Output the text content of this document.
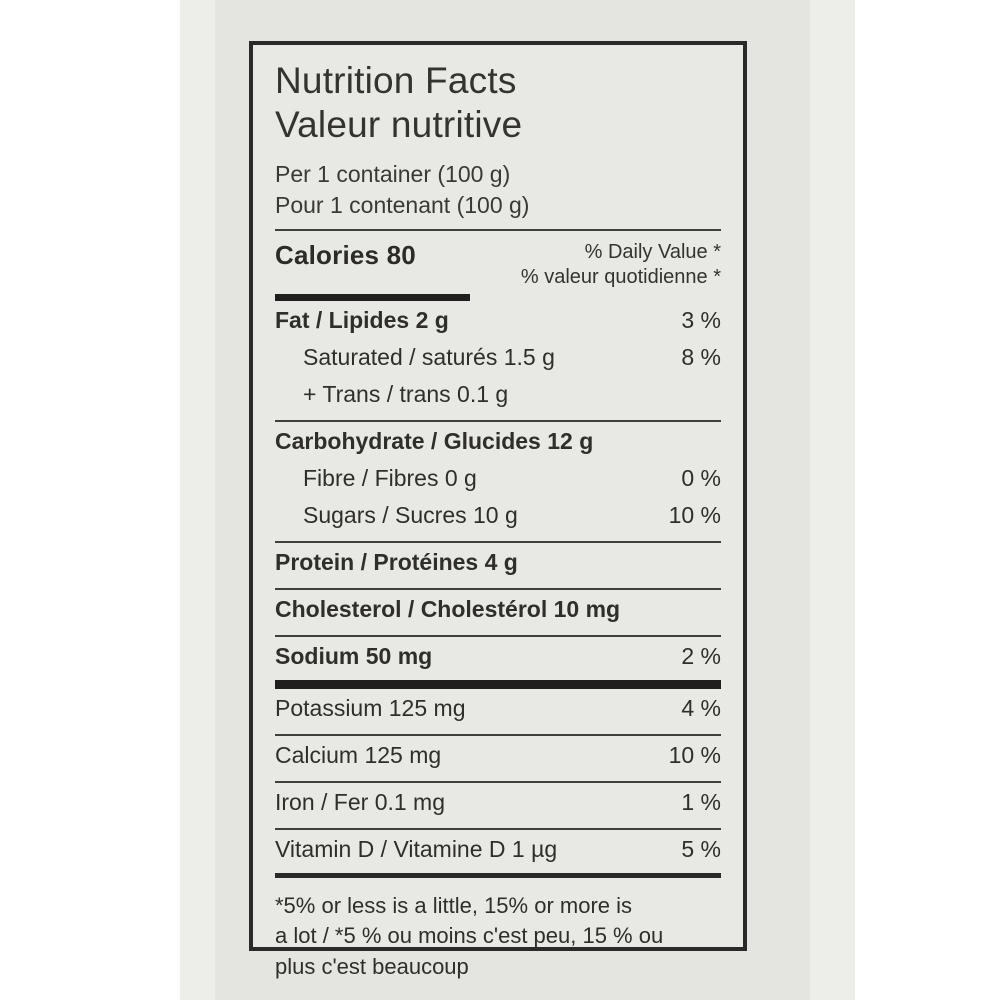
Nutrition Facts
Valeur nutritive
Per 1 container (100 g)
Pour 1 contenant (100 g)
Calories 80	% Daily Value *
% valeur quotidienne *
Fat / Lipides 2 g	3 %
Saturated / saturés 1.5 g	8 %
+ Trans / trans 0.1 g
Carbohydrate / Glucides 12 g
Fibre / Fibres 0 g	0 %
Sugars / Sucres 10 g	10 %
Protein / Protéines 4 g
Cholesterol / Cholestérol 10 mg
Sodium 50 mg	2 %
Potassium 125 mg	4 %
Calcium 125 mg	10 %
Iron / Fer 0.1 mg	1 %
Vitamin D / Vitamine D 1 µg	5 %
*5% or less is a little, 15% or more is
a lot / *5 % ou moins c'est peu, 15 % ou
plus c'est beaucoup
